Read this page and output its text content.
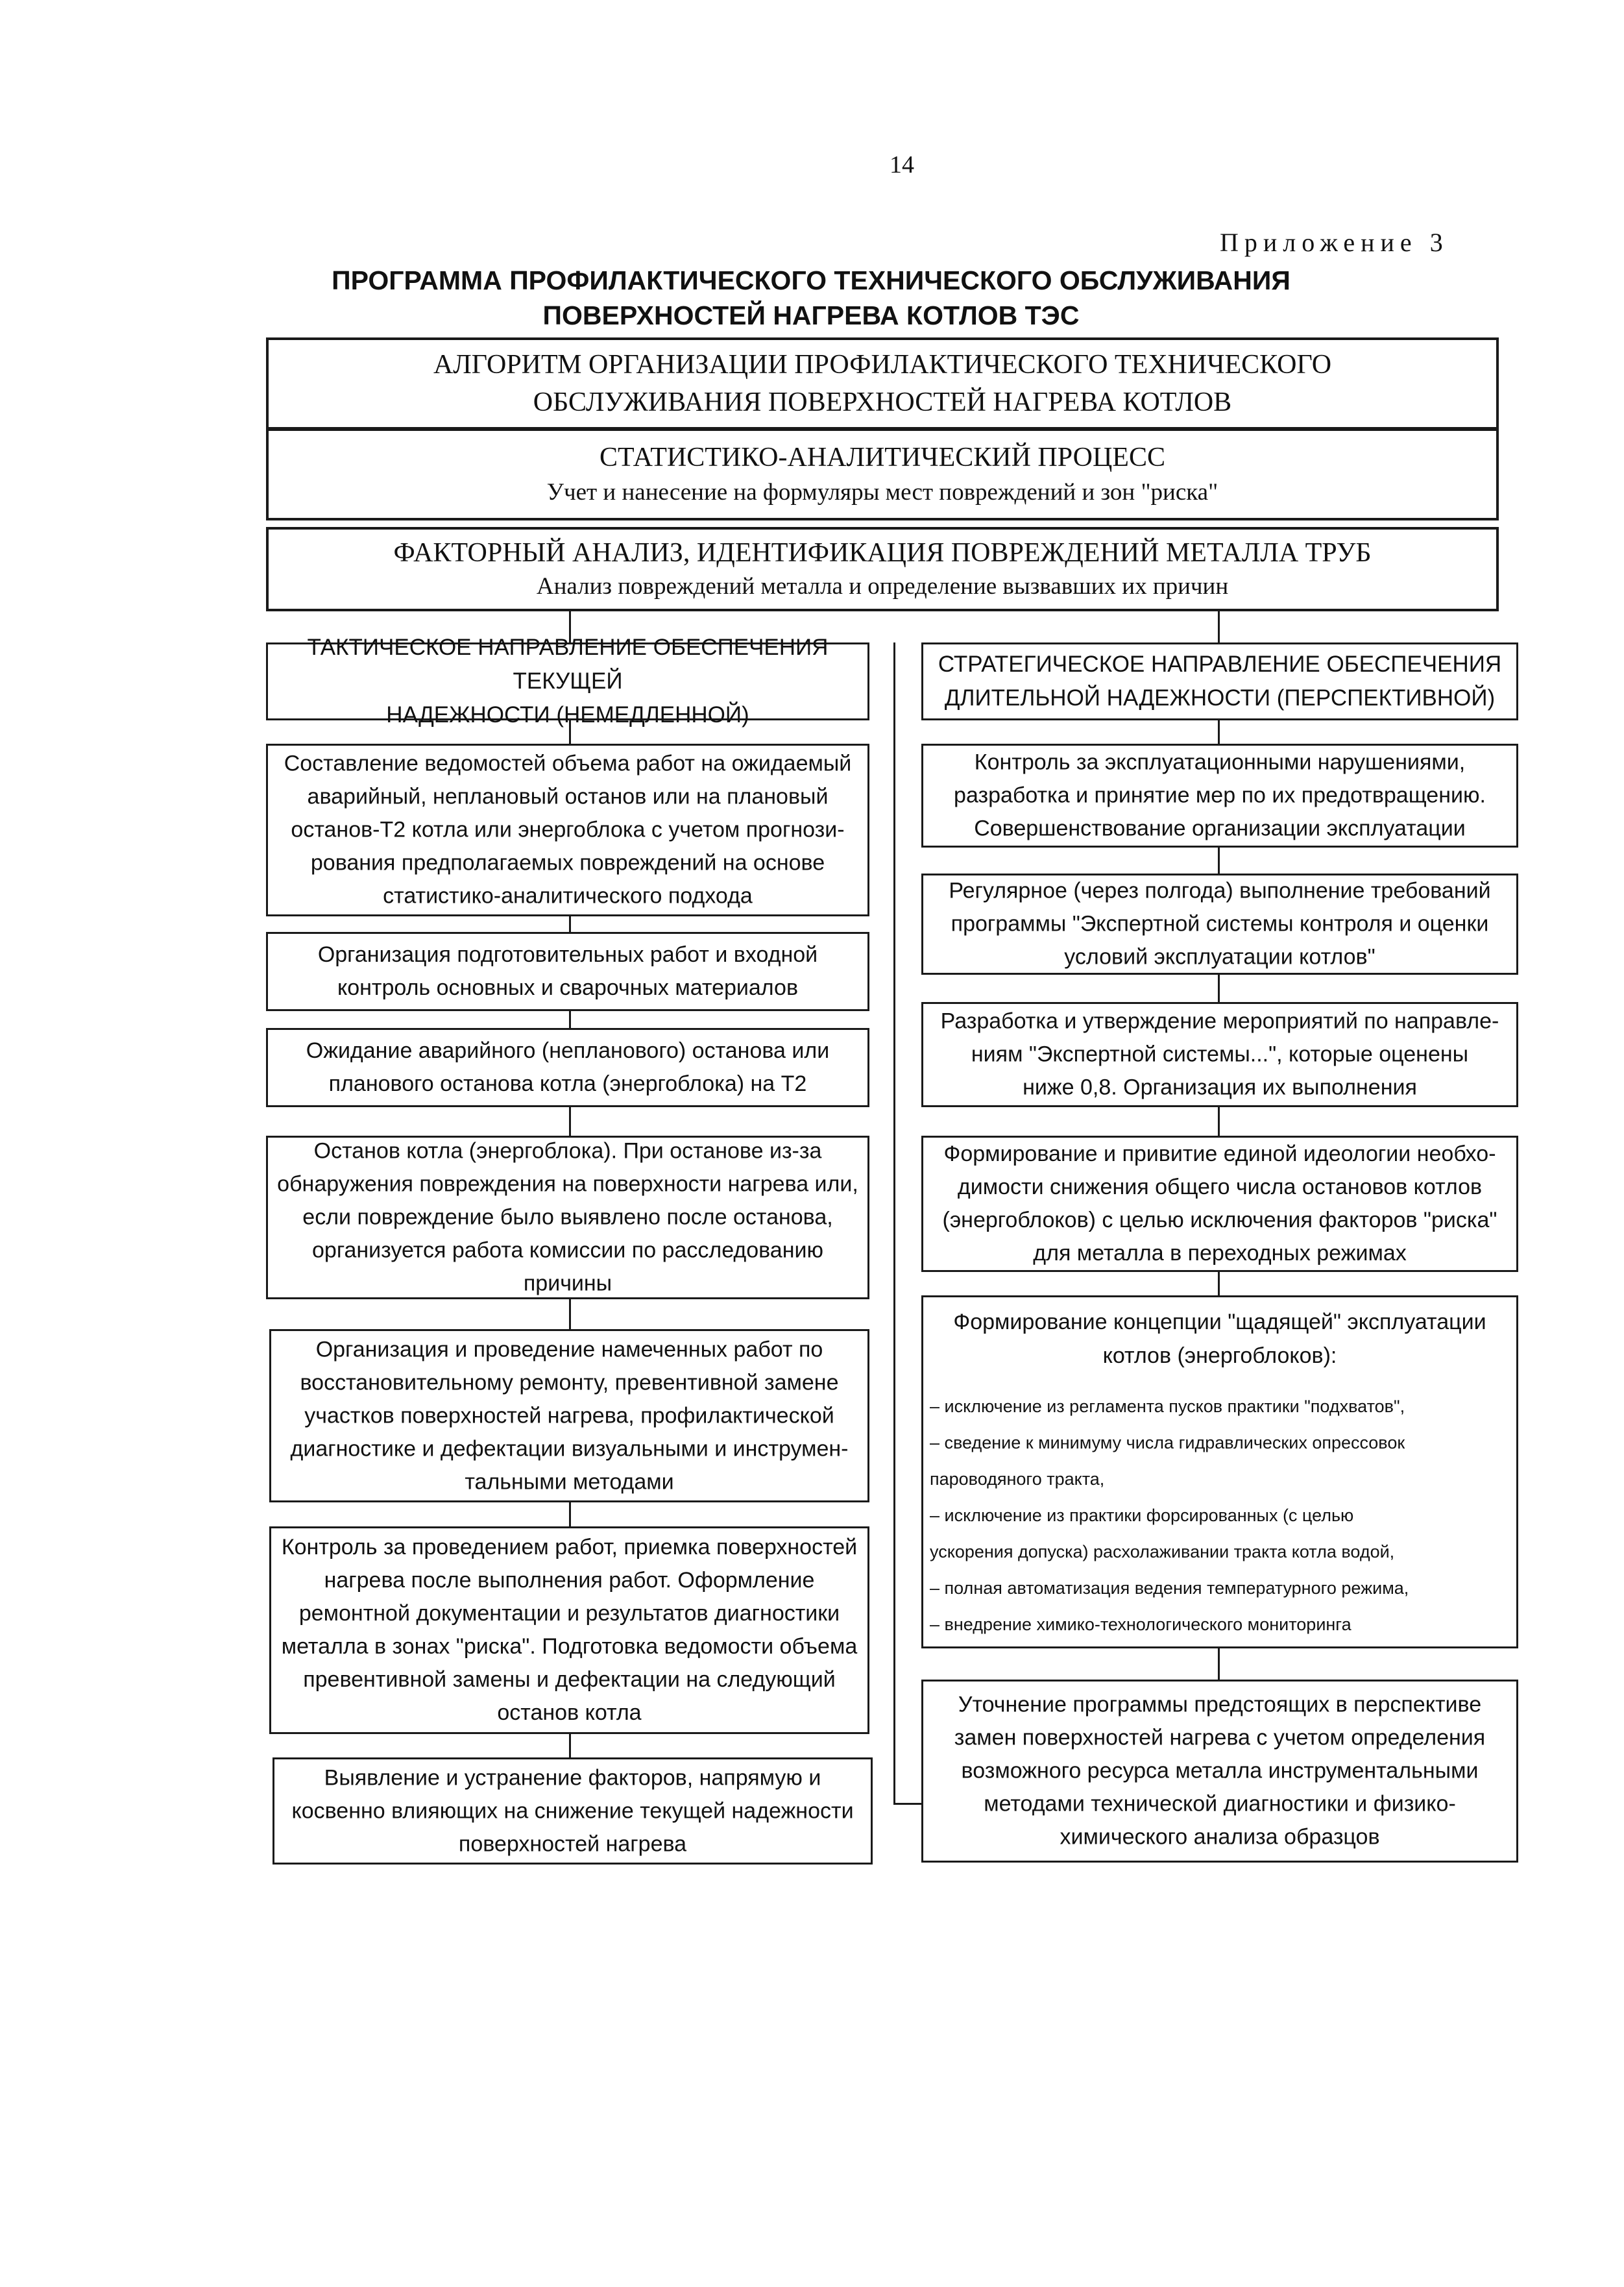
14
Приложение 3
ПРОГРАММА ПРОФИЛАКТИЧЕСКОГО ТЕХНИЧЕСКОГО ОБСЛУЖИВАНИЯ
ПОВЕРХНОСТЕЙ НАГРЕВА КОТЛОВ ТЭС
АЛГОРИТМ ОРГАНИЗАЦИИ ПРОФИЛАКТИЧЕСКОГО ТЕХНИЧЕСКОГО
ОБСЛУЖИВАНИЯ ПОВЕРХНОСТЕЙ НАГРЕВА КОТЛОВ
СТАТИСТИКО-АНАЛИТИЧЕСКИЙ ПРОЦЕСС
Учет и нанесение на формуляры мест повреждений и зон "риска"
ФАКТОРНЫЙ АНАЛИЗ, ИДЕНТИФИКАЦИЯ ПОВРЕЖДЕНИЙ МЕТАЛЛА ТРУБ
Анализ повреждений металла и определение вызвавших их причин
ТАКТИЧЕСКОЕ НАПРАВЛЕНИЕ ОБЕСПЕЧЕНИЯ ТЕКУЩЕЙ
НАДЕЖНОСТИ (НЕМЕДЛЕННОЙ)
Составление ведомостей объема работ на ожидаемый
аварийный, неплановый останов или на плановый
останов-Т2 котла или энергоблока с учетом прогнози-
рования предполагаемых повреждений на основе
статистико-аналитического подхода
Организация подготовительных работ и входной
контроль основных и сварочных материалов
Ожидание аварийного (непланового) останова или
планового останова котла (энергоблока) на Т2
Останов котла (энергоблока). При останове из-за
обнаружения повреждения на поверхности нагрева или,
если повреждение было выявлено после останова,
организуется работа комиссии по расследованию
причины
Организация и проведение намеченных работ по
восстановительному ремонту, превентивной замене
участков поверхностей нагрева, профилактической
диагностике и дефектации визуальными и инструмен-
тальными методами
Контроль за проведением работ, приемка поверхностей
нагрева после выполнения работ. Оформление
ремонтной документации и результатов диагностики
металла в зонах "риска". Подготовка ведомости объема
превентивной замены и дефектации на следующий
останов котла
Выявление и устранение факторов, напрямую и
косвенно влияющих на снижение текущей надежности
поверхностей нагрева
СТРАТЕГИЧЕСКОЕ НАПРАВЛЕНИЕ ОБЕСПЕЧЕНИЯ
ДЛИТЕЛЬНОЙ НАДЕЖНОСТИ (ПЕРСПЕКТИВНОЙ)
Контроль за эксплуатационными нарушениями,
разработка и принятие мер по их предотвращению.
Совершенствование организации эксплуатации
Регулярное (через полгода) выполнение требований
программы "Экспертной системы контроля и оценки
условий эксплуатации котлов"
Разработка и утверждение мероприятий по направле-
ниям "Экспертной системы...", которые оценены
ниже 0,8. Организация их выполнения
Формирование и привитие единой идеологии необхо-
димости снижения общего числа остановов котлов
(энергоблоков) с целью исключения факторов "риска"
для металла в переходных режимах
Формирование концепции "щадящей" эксплуатации
котлов (энергоблоков):
– исключение из регламента пусков практики "подхватов",
– сведение к минимуму числа гидравлических опрессовок
пароводяного тракта,
– исключение из практики форсированных (с целью
ускорения допуска) расхолаживании тракта котла водой,
– полная автоматизация ведения температурного режима,
– внедрение химико-технологического мониторинга
Уточнение программы предстоящих в перспективе
замен поверхностей нагрева с учетом определения
возможного ресурса металла инструментальными
методами технической диагностики и физико-
химического анализа образцов
